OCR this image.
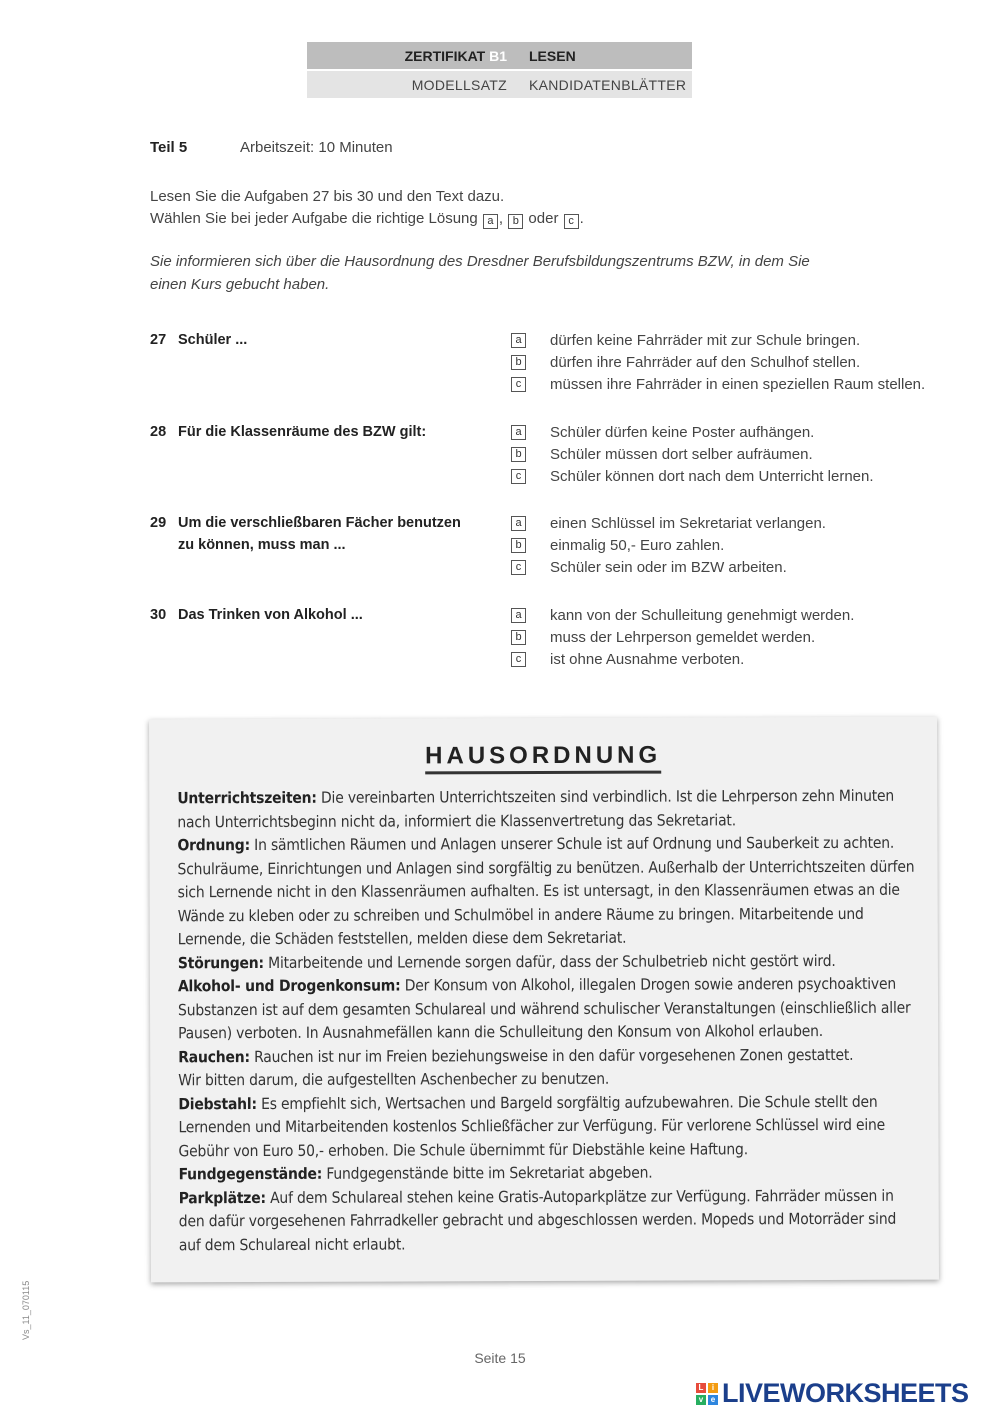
ZERTIFIKAT B1	LESEN
MODELLSATZ	KANDIDATENBLÄTTER
Teil 5	Arbeitszeit: 10 Minuten
Lesen Sie die Aufgaben 27 bis 30 und den Text dazu.
Wählen Sie bei jeder Aufgabe die richtige Lösung a , b oder c .
Sie informieren sich über die Hausordnung des Dresdner Berufsbildungszentrums BZW, in dem Sie
einen Kurs gebucht haben.
27 Schüler ...	a dürfen keine Fahrräder mit zur Schule bringen.
b dürfen ihre Fahrräder auf den Schulhof stellen.
c	müssen ihre Fahrräder in einen speziellen Raum stellen.
28 Für die Klassenräume des BZW gilt:	a Schüler dürfen keine Poster aufhängen.
b Schüler müssen dort selber aufräumen.
c	Schüler können dort nach dem Unterricht lernen.
29 Um die verschließbaren Fächer benutzen zu können, muss man ...
a einen Schlüssel im Sekretariat verlangen.
b einmalig 50,- Euro zahlen.
c	Schüler sein oder im BZW arbeiten.
30 Das Trinken von Alkohol ...	a kann von der Schulleitung genehmigt werden.
b muss der Lehrperson gemeldet werden.
c	ist ohne Ausnahme verboten.
HAUSORDNUNG
Unterrichtszeiten: Die vereinbarten Unterrichtszeiten sind verbindlich. Ist die Lehrperson zehn Minuten nach Unterrichtsbeginn nicht da, informiert die Klassenvertretung das Sekretariat.
Ordnung: In sämtlichen Räumen und Anlagen unserer Schule ist auf Ordnung und Sauberkeit zu achten. Schulräume, Einrichtungen und Anlagen sind sorgfältig zu benützen. Außerhalb der Unterrichtszeiten dürfen sich Lernende nicht in den Klassenräumen aufhalten. Es ist untersagt, in den Klassenräumen etwas an die Wände zu kleben oder zu schreiben und Schulmöbel in andere Räume zu bringen. Mitarbeitende und Lernende, die Schäden feststellen, melden diese dem Sekretariat.
Störungen: Mitarbeitende und Lernende sorgen dafür, dass der Schulbetrieb nicht gestört wird.
Alkohol- und Drogenkonsum: Der Konsum von Alkohol, illegalen Drogen sowie anderen psychoaktiven Substanzen ist auf dem gesamten Schulareal und während schulischer Veranstaltungen (einschließlich aller Pausen) verboten. In Ausnahmefällen kann die Schulleitung den Konsum von Alkohol erlauben.
Rauchen: Rauchen ist nur im Freien beziehungsweise in den dafür vorgesehenen Zonen gestattet.
Wir bitten darum, die aufgestellten Aschenbecher zu benutzen.
Diebstahl: Es empfiehlt sich, Wertsachen und Bargeld sorgfältig aufzubewahren. Die Schule stellt den Lernenden und Mitarbeitenden kostenlos Schließfächer zur Verfügung. Für verlorene Schlüssel wird eine Gebühr von Euro 50,- erhoben. Die Schule übernimmt für Diebstähle keine Haftung.
Fundgegenstände: Fundgegenstände bitte im Sekretariat abgeben.
Parkplätze: Auf dem Schulareal stehen keine Gratis-Autoparkplätze zur Verfügung. Fahrräder müssen in den dafür vorgesehenen Fahrradkeller gebracht und abgeschlossen werden. Mopeds und Motorräder sind auf dem Schulareal nicht erlaubt.
Vs_11_070115
Seite 15
L	i
v e LIVEWORKSHEETS
